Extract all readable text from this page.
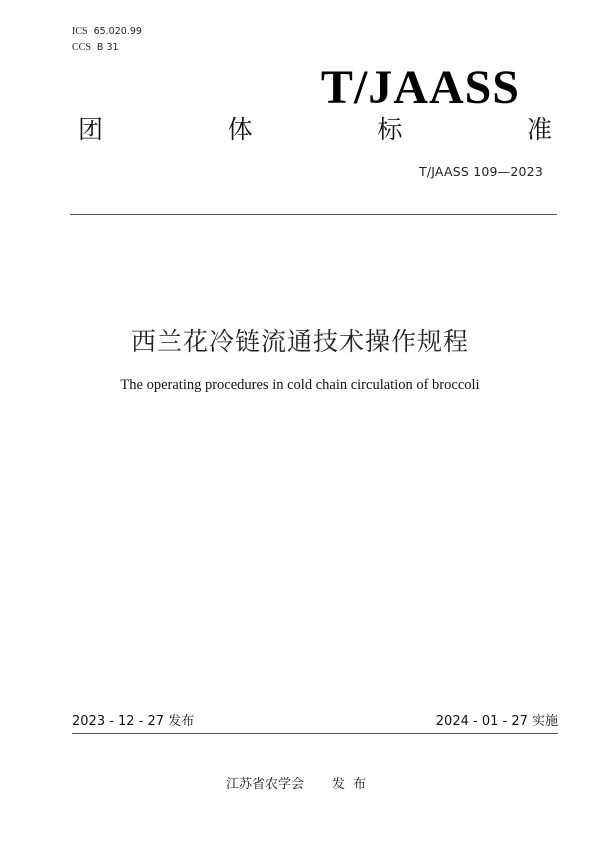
ICS 65.020.99
CCS B 31
T/JAASS
团	体	标	准
T/JAASS 109—2023
西兰花冷链流通技术操作规程
The operating procedures in cold chain circulation of broccoli
2023 - 12 - 27 发布	2024 - 01 - 27 实施
江苏省农学会 发布
